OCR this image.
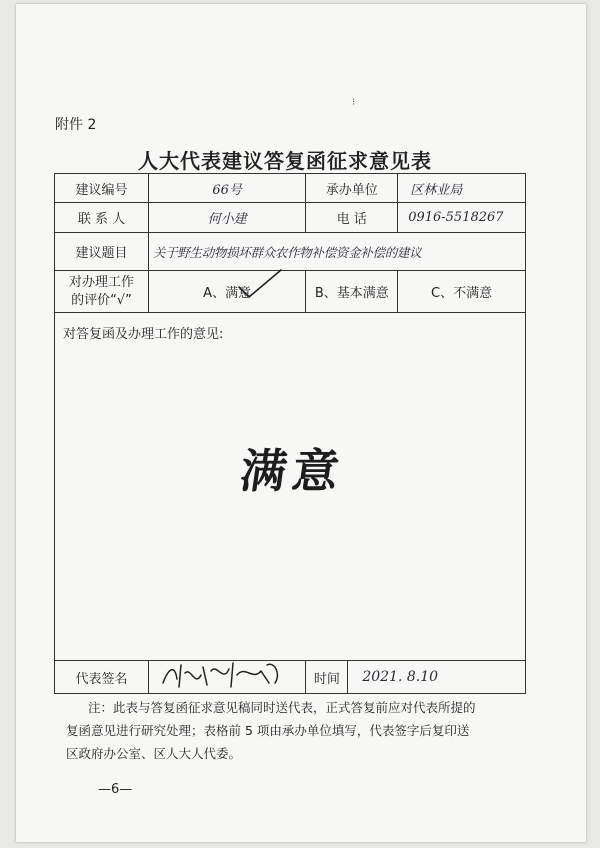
⁝
附件 2
人大代表建议答复函征求意见表
建议编号	66号	承办单位		区林业局
联 系 人	何小建	电 话		0916-5518267
建议题目	关于野生动物损坏群众农作物补偿资金补偿的建议			

对办理工作
的评价“√”	A、满意	B、基本满意		C、不满意

对答复函及办理工作的意见:
满意				

代表签名		时间	2021. 8.10	
注：此表与答复函征求意见稿同时送代表，正式答复前应对代表所提的
复函意见进行研究处理；表格前 5 项由承办单位填写，代表签字后复印送
区政府办公室、区人大人代委。
—6—
